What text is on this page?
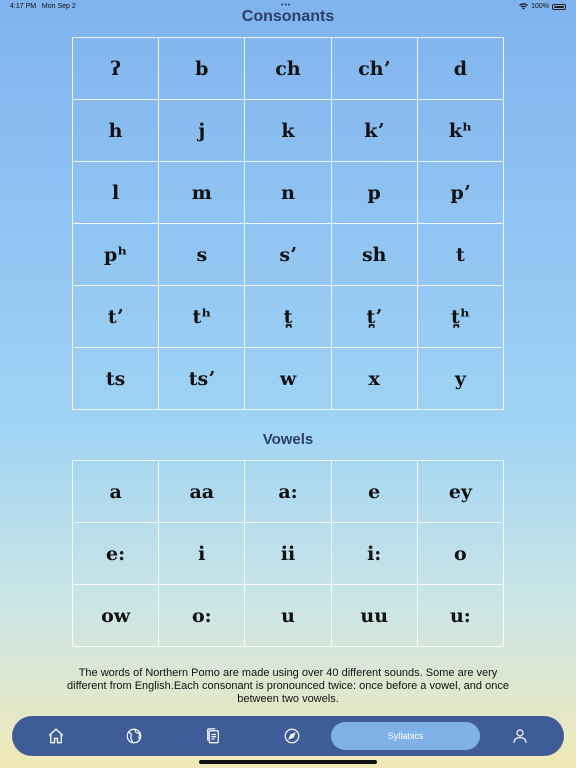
4:17 PM Mon Sep 2	100%
•••
Consonants
ʔ	b	ch	chʼ	d
h	j	k	kʼ	kʰ
l	m	n	p	pʼ
pʰ	s	sʼ	sh	t
tʼ	tʰ	t̪	t̪ʼ	t̪ʰ
ts	tsʼ	w	x	y
Vowels
a	aa	a:	e	ey
e:	i	ii	i:	o
ow	o:	u	uu	u:
The words of Northern Pomo are made using over 40 different sounds. Some are very different from English.Each consonant is pronounced twice: once before a vowel, and once between two vowels.
Syllabics
